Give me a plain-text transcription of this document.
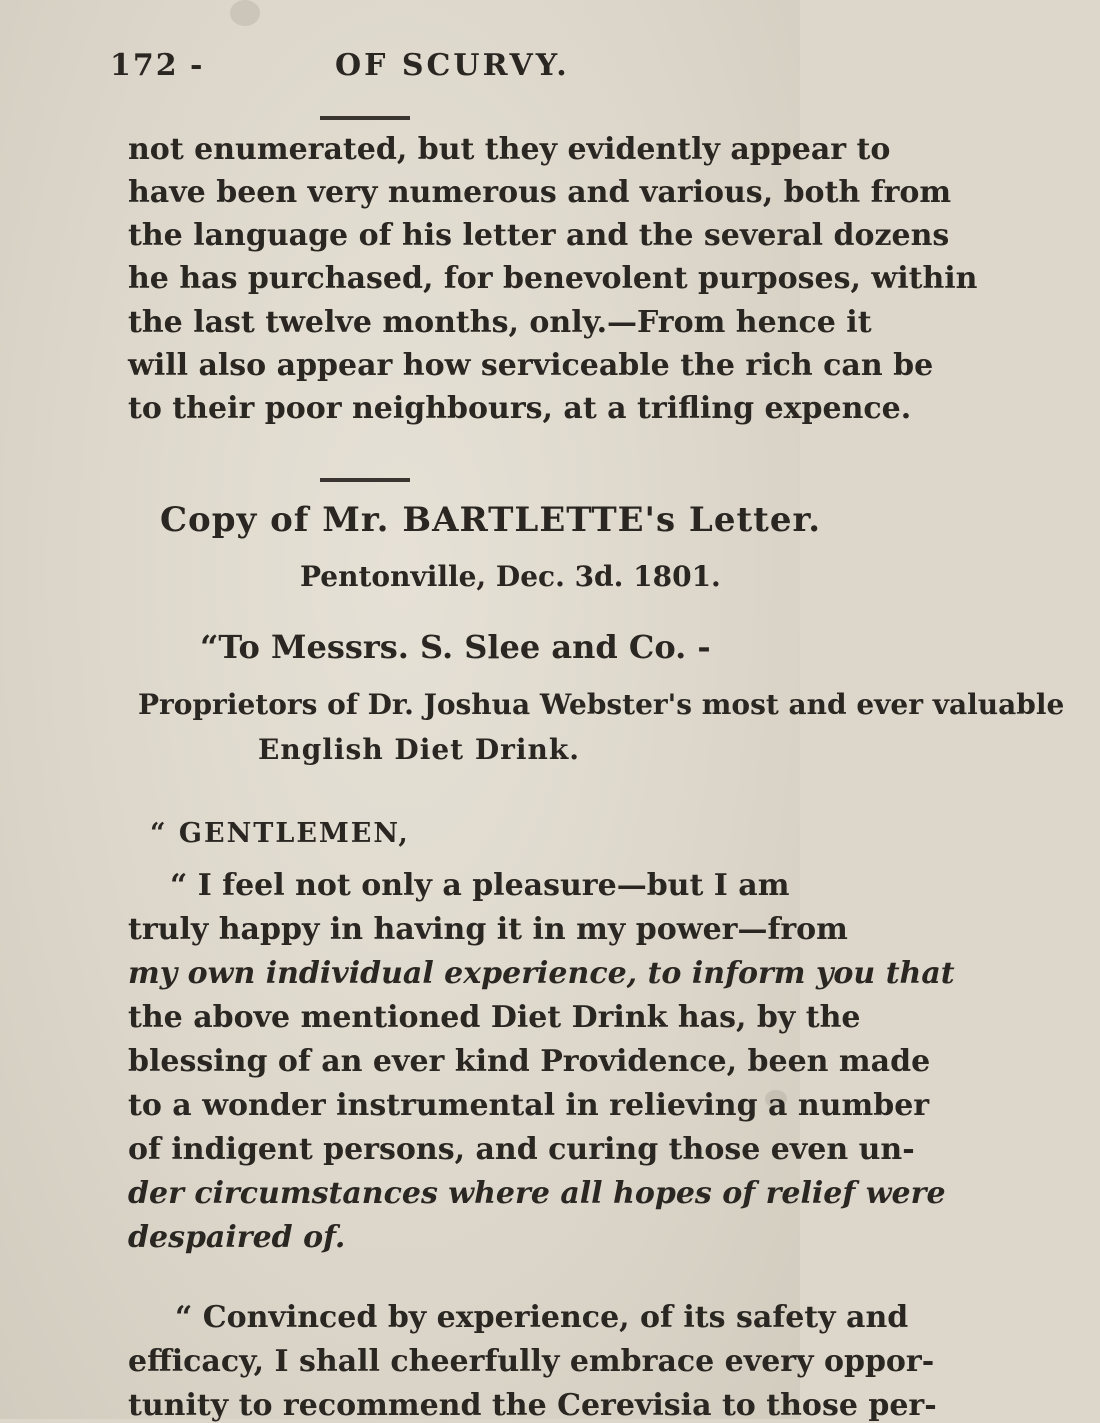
172 -	OF SCURVY.
not enumerated, but they evidently appear to
have been very numerous and various, both from
the language of his letter and the several dozens
he has purchased, for benevolent purposes, within
the last twelve months, only.—From hence it
will also appear how serviceable the rich can be
to their poor neighbours, at a trifling expence.
Copy of Mr. BARTLETTE's Letter.
Pentonville, Dec. 3d. 1801.
“To Messrs. S. Slee and Co. -
Proprietors of Dr. Joshua Webster's most and ever valuable
English Diet Drink.
“ GENTLEMEN,
“ I feel not only a pleasure—but I am
truly happy in having it in my power—from
my own individual experience, to inform you that
the above mentioned Diet Drink has, by the
blessing of an ever kind Providence, been made
to a wonder instrumental in relieving a number
of indigent persons, and curing those even un-
der circumstances where all hopes of relief were
despaired of.
“ Convinced by experience, of its safety and
efficacy, I shall cheerfully embrace every oppor-
tunity to recommend the Cerevisia to those per-
